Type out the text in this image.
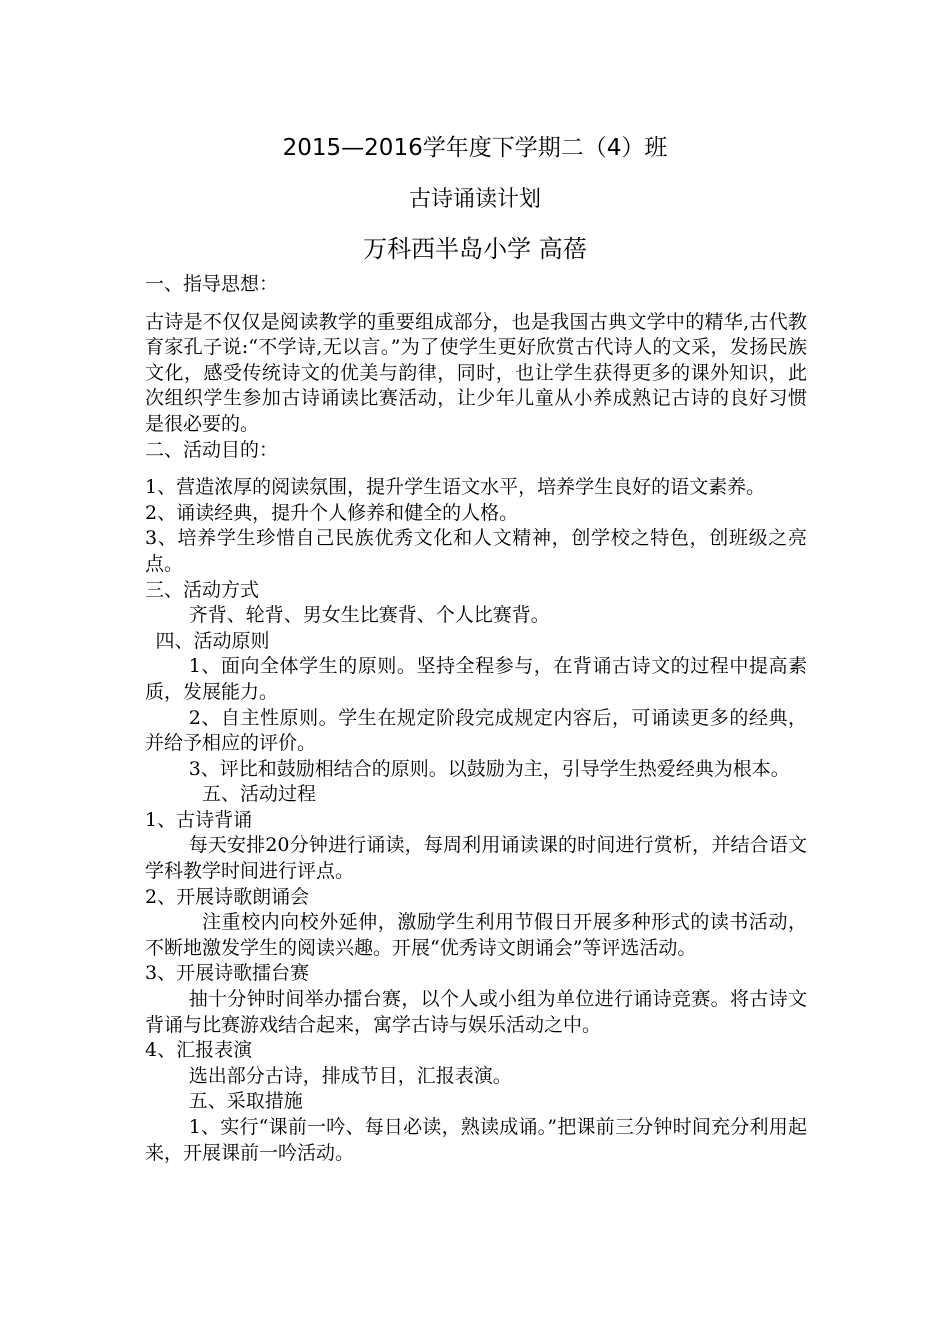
2015—2016学年度下学期二（4）班
古诗诵读计划
万科西半岛小学 高蓓

一、指导思想：

古诗是不仅仅是阅读教学的重要组成部分，也是我国古典文学中的精华,古代教育家孔子说:“不学诗,无以言。”为了使学生更好欣赏古代诗人的文采，发扬民族文化，感受传统诗文的优美与韵律，同时，也让学生获得更多的课外知识，此次组织学生参加古诗诵读比赛活动，让少年儿童从小养成熟记古诗的良好习惯是很必要的。

二、活动目的：

1、营造浓厚的阅读氛围，提升学生语文水平，培养学生良好的语文素养。

2、诵读经典，提升个人修养和健全的人格。

3、培养学生珍惜自己民族优秀文化和人文精神，创学校之特色，创班级之亮点。

三、活动方式

齐背、轮背、男女生比赛背、个人比赛背。

四、活动原则

1、面向全体学生的原则。坚持全程参与，在背诵古诗文的过程中提高素质，发展能力。

2、自主性原则。学生在规定阶段完成规定内容后，可诵读更多的经典，并给予相应的评价。

3、评比和鼓励相结合的原则。以鼓励为主，引导学生热爱经典为根本。

五、活动过程

1、古诗背诵

每天安排20分钟进行诵读，每周利用诵读课的时间进行赏析，并结合语文学科教学时间进行评点。

2、开展诗歌朗诵会

注重校内向校外延伸，激励学生利用节假日开展多种形式的读书活动，不断地激发学生的阅读兴趣。开展“优秀诗文朗诵会”等评选活动。

3、开展诗歌擂台赛

抽十分钟时间举办擂台赛，以个人或小组为单位进行诵诗竞赛。将古诗文背诵与比赛游戏结合起来，寓学古诗与娱乐活动之中。

4、汇报表演

选出部分古诗，排成节目，汇报表演。

五、采取措施

1、实行“课前一吟、每日必读，熟读成诵。”把课前三分钟时间充分利用起来，开展课前一吟活动。
